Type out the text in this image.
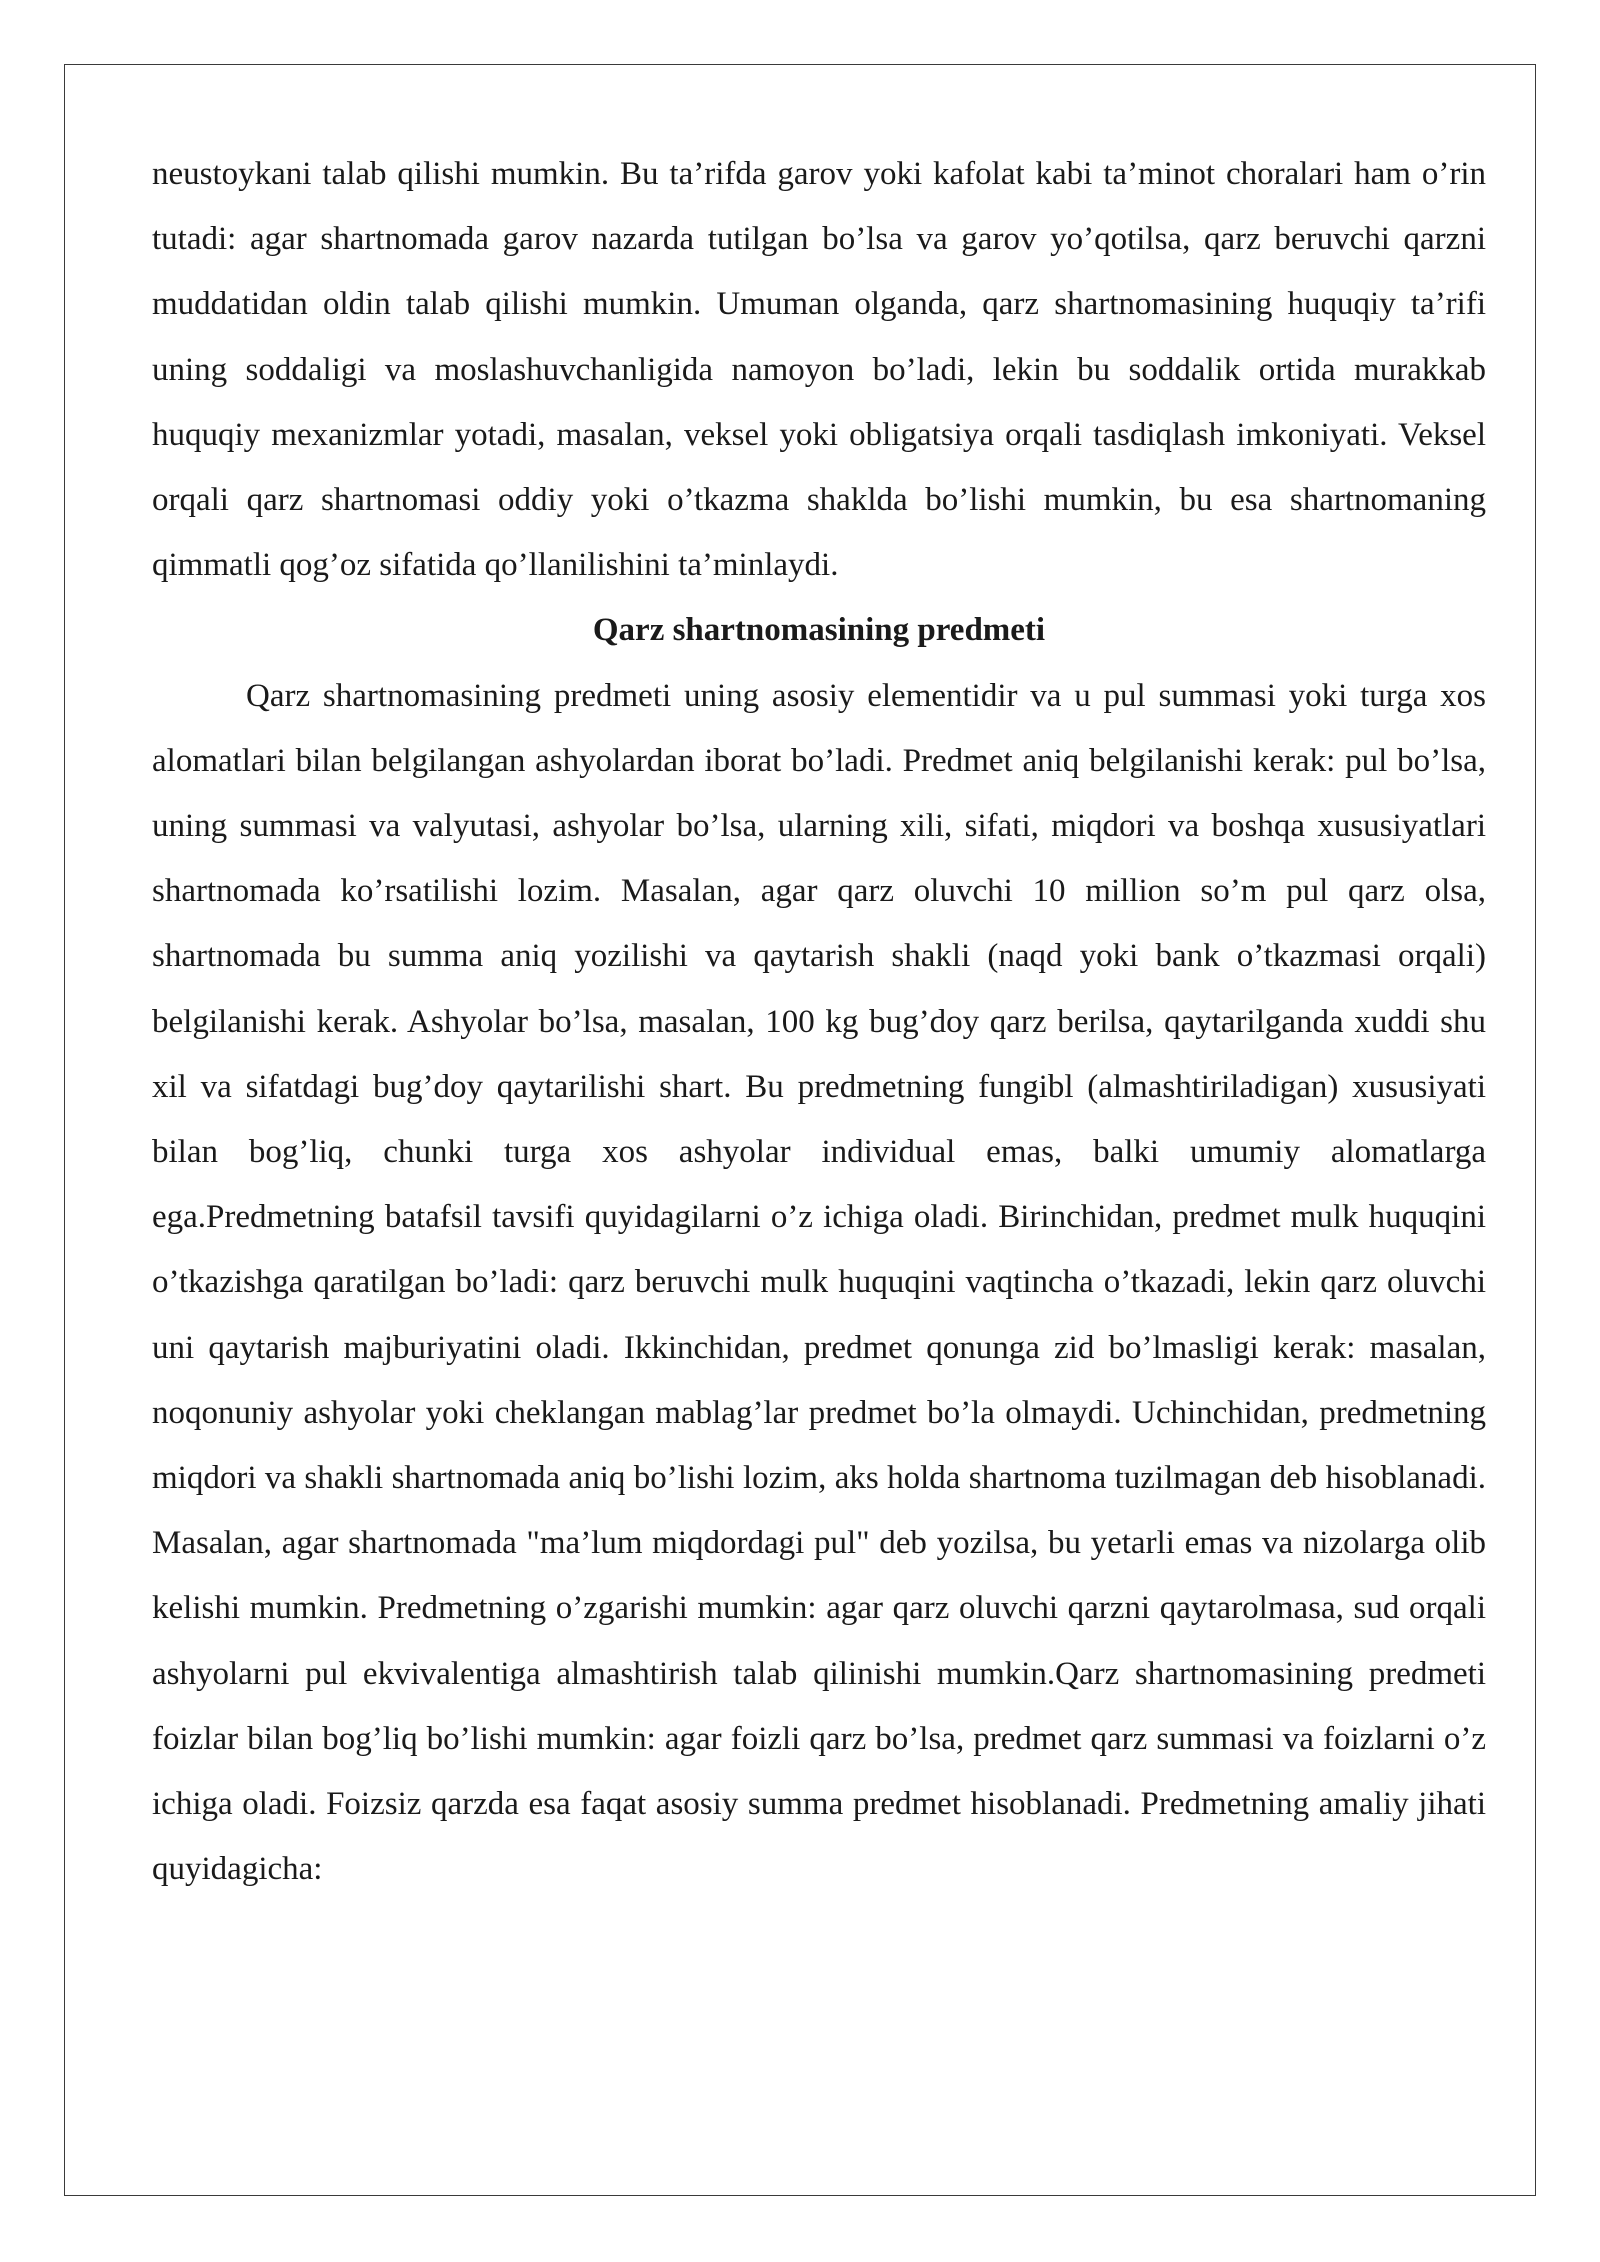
neustoykani talab qilishi mumkin. Bu ta’rifda garov yoki kafolat kabi ta’minot choralari ham o’rin tutadi: agar shartnomada garov nazarda tutilgan bo’lsa va garov yo’qotilsa, qarz beruvchi qarzni muddatidan oldin talab qilishi mumkin. Umuman olganda, qarz shartnomasining huquqiy ta’rifi uning soddaligi va moslashuvchanligida namoyon bo’ladi, lekin bu soddalik ortida murakkab huquqiy mexanizmlar yotadi, masalan, veksel yoki obligatsiya orqali tasdiqlash imkoniyati. Veksel orqali qarz shartnomasi oddiy yoki o’tkazma shaklda bo’lishi mumkin, bu esa shartnomaning qimmatli qog’oz sifatida qo’llanilishini ta’minlaydi.

Qarz shartnomasining predmeti

Qarz shartnomasining predmeti uning asosiy elementidir va u pul summasi yoki turga xos alomatlari bilan belgilangan ashyolardan iborat bo’ladi. Predmet aniq belgilanishi kerak: pul bo’lsa, uning summasi va valyutasi, ashyolar bo’lsa, ularning xili, sifati, miqdori va boshqa xususiyatlari shartnomada ko’rsatilishi lozim. Masalan, agar qarz oluvchi 10 million so’m pul qarz olsa, shartnomada bu summa aniq yozilishi va qaytarish shakli (naqd yoki bank o’tkazmasi orqali) belgilanishi kerak. Ashyolar bo’lsa, masalan, 100 kg bug’doy qarz berilsa, qaytarilganda xuddi shu xil va sifatdagi bug’doy qaytarilishi shart. Bu predmetning fungibl (almashtiriladigan) xususiyati bilan bog’liq, chunki turga xos ashyolar individual emas, balki umumiy alomatlarga ega.Predmetning batafsil tavsifi quyidagilarni o’z ichiga oladi. Birinchidan, predmet mulk huquqini o’tkazishga qaratilgan bo’ladi: qarz beruvchi mulk huquqini vaqtincha o’tkazadi, lekin qarz oluvchi uni qaytarish majburiyatini oladi. Ikkinchidan, predmet qonunga zid bo’lmasligi kerak: masalan, noqonuniy ashyolar yoki cheklangan mablag’lar predmet bo’la olmaydi. Uchinchidan, predmetning miqdori va shakli shartnomada aniq bo’lishi lozim, aks holda shartnoma tuzilmagan deb hisoblanadi. Masalan, agar shartnomada "ma’lum miqdordagi pul" deb yozilsa, bu yetarli emas va nizolarga olib kelishi mumkin. Predmetning o’zgarishi mumkin: agar qarz oluvchi qarzni qaytarolmasa, sud orqali ashyolarni pul ekvivalentiga almashtirish talab qilinishi mumkin.Qarz shartnomasining predmeti foizlar bilan bog’liq bo’lishi mumkin: agar foizli qarz bo’lsa, predmet qarz summasi va foizlarni o’z ichiga oladi. Foizsiz qarzda esa faqat asosiy summa predmet hisoblanadi. Predmetning amaliy jihati quyidagicha:
